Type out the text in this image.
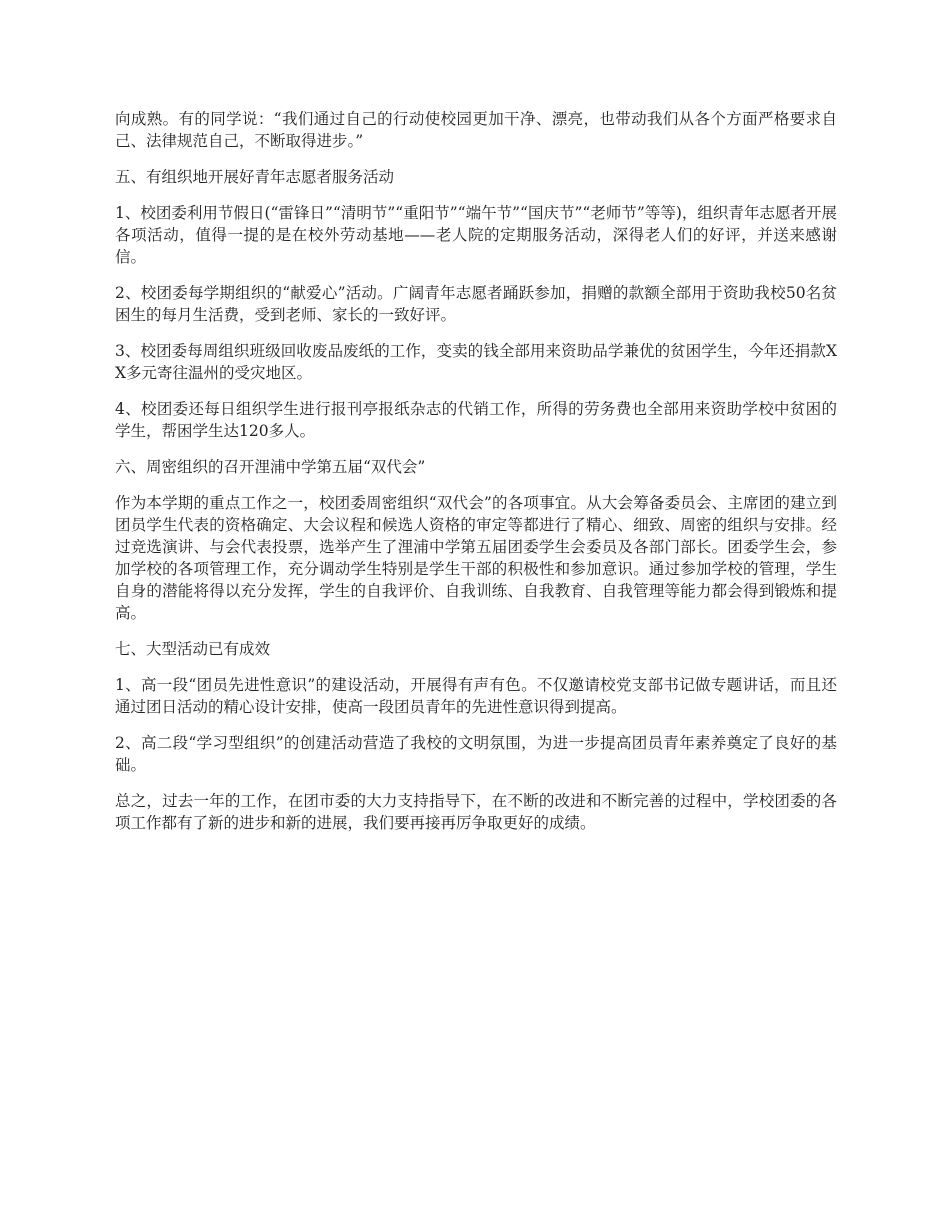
向成熟。有的同学说：“我们通过自己的行动使校园更加干净、漂亮，也带动我们从各个方面严格要求自己、法律规范自己，不断取得进步。”

五、有组织地开展好青年志愿者服务活动

1、校团委利用节假日(“雷锋日”“清明节”“重阳节”“端午节”“国庆节”“老师节”等等)，组织青年志愿者开展各项活动，值得一提的是在校外劳动基地——老人院的定期服务活动，深得老人们的好评，并送来感谢信。

2、校团委每学期组织的“献爱心”活动。广阔青年志愿者踊跃参加，捐赠的款额全部用于资助我校50名贫困生的每月生活费，受到老师、家长的一致好评。

3、校团委每周组织班级回收废品废纸的工作，变卖的钱全部用来资助品学兼优的贫困学生，今年还捐款XX多元寄往温州的受灾地区。

4、校团委还每日组织学生进行报刊亭报纸杂志的代销工作，所得的劳务费也全部用来资助学校中贫困的学生，帮困学生达120多人。

六、周密组织的召开浬浦中学第五届“双代会”

作为本学期的重点工作之一，校团委周密组织“双代会”的各项事宜。从大会筹备委员会、主席团的建立到团员学生代表的资格确定、大会议程和候选人资格的审定等都进行了精心、细致、周密的组织与安排。经过竞选演讲、与会代表投票，选举产生了浬浦中学第五届团委学生会委员及各部门部长。团委学生会，参加学校的各项管理工作，充分调动学生特别是学生干部的积极性和参加意识。通过参加学校的管理，学生自身的潜能将得以充分发挥，学生的自我评价、自我训练、自我教育、自我管理等能力都会得到锻炼和提高。

七、大型活动已有成效

1、高一段“团员先进性意识”的建设活动，开展得有声有色。不仅邀请校党支部书记做专题讲话，而且还通过团日活动的精心设计安排，使高一段团员青年的先进性意识得到提高。

2、高二段“学习型组织”的创建活动营造了我校的文明氛围，为进一步提高团员青年素养奠定了良好的基础。

总之，过去一年的工作，在团市委的大力支持指导下，在不断的改进和不断完善的过程中，学校团委的各项工作都有了新的进步和新的进展，我们要再接再厉争取更好的成绩。
